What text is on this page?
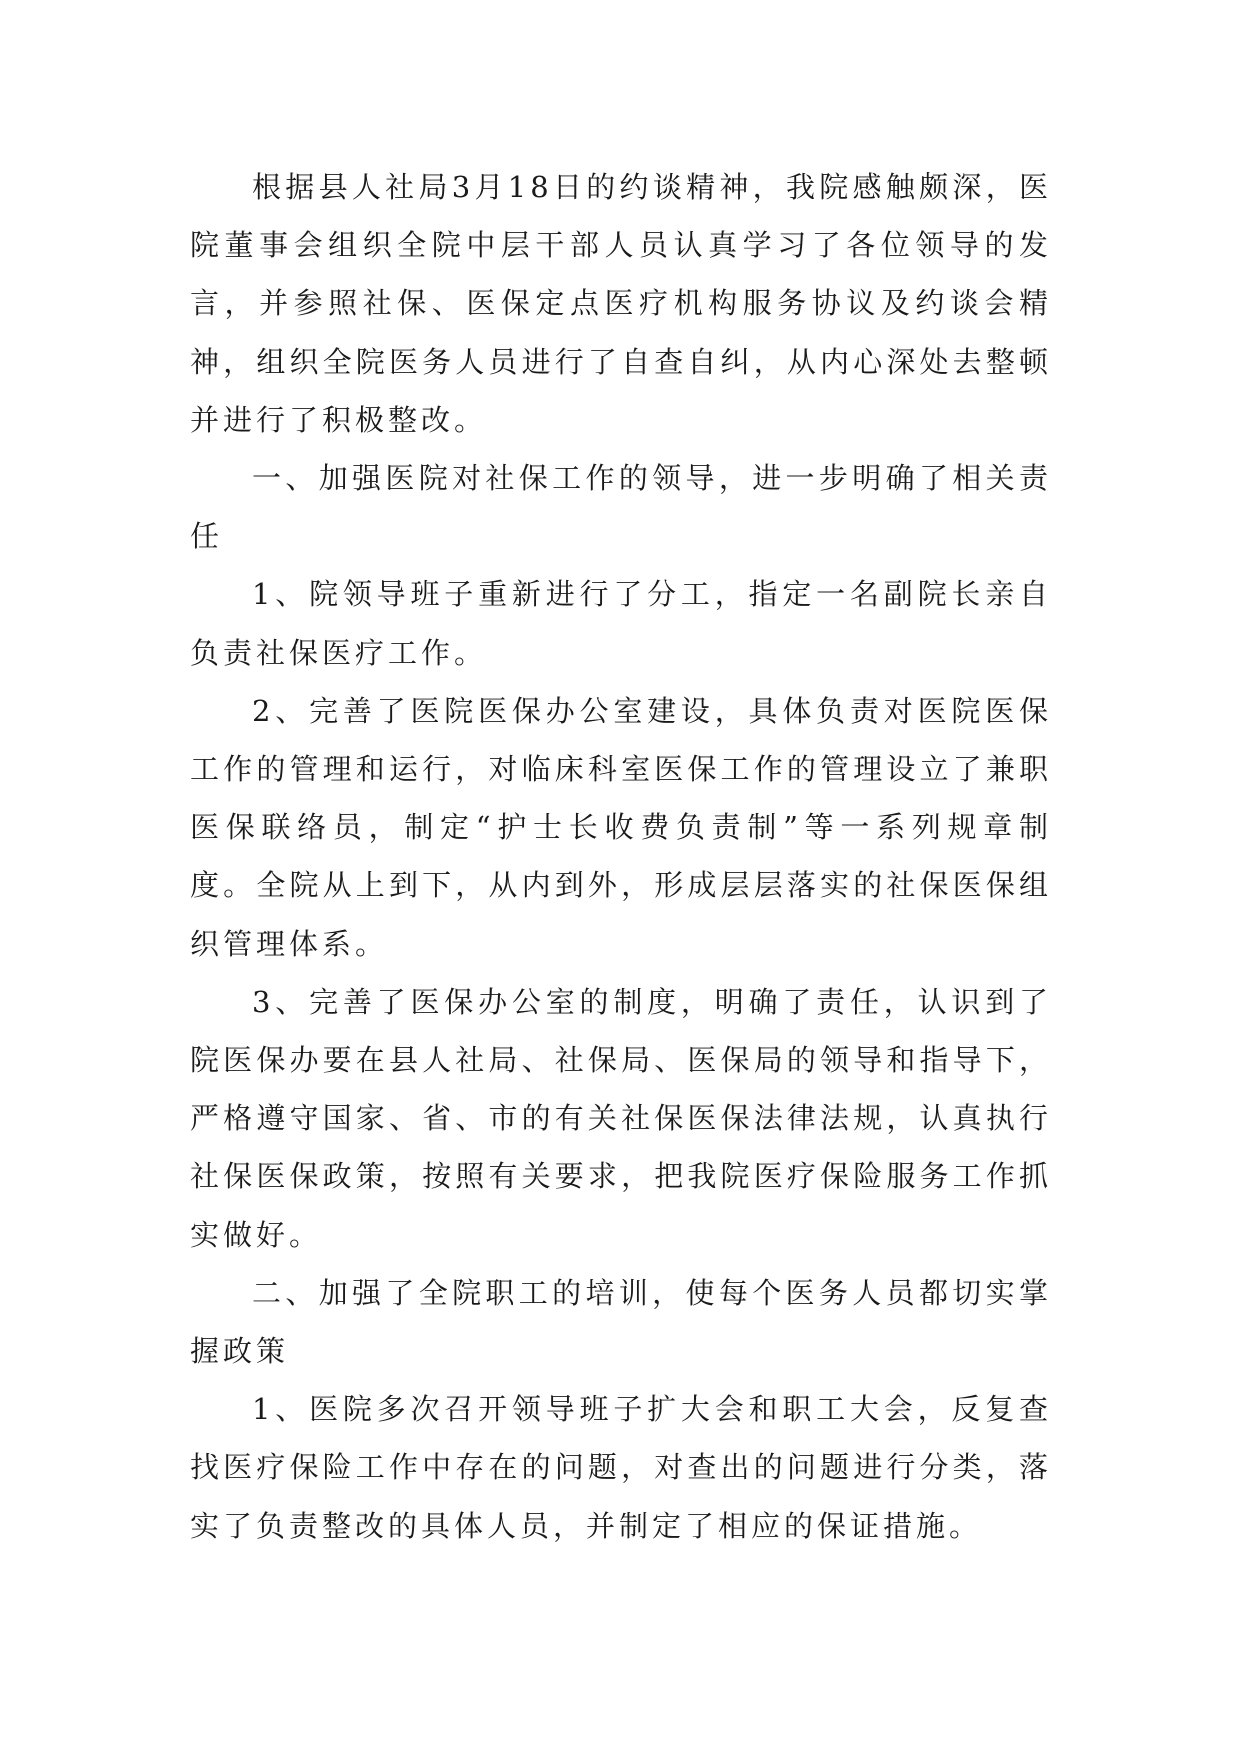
根据县人社局3月18日的约谈精神，我院感触颇深，医院董事会组织全院中层干部人员认真学习了各位领导的发言，并参照社保、医保定点医疗机构服务协议及约谈会精神，组织全院医务人员进行了自查自纠，从内心深处去整顿并进行了积极整改。

一、加强医院对社保工作的领导，进一步明确了相关责任

1、院领导班子重新进行了分工，指定一名副院长亲自负责社保医疗工作。

2、完善了医院医保办公室建设，具体负责对医院医保工作的管理和运行，对临床科室医保工作的管理设立了兼职医保联络员，制定“护士长收费负责制”等一系列规章制度。全院从上到下，从内到外，形成层层落实的社保医保组织管理体系。

3、完善了医保办公室的制度，明确了责任，认识到了院医保办要在县人社局、社保局、医保局的领导和指导下，严格遵守国家、省、市的有关社保医保法律法规，认真执行社保医保政策，按照有关要求，把我院医疗保险服务工作抓实做好。

二、加强了全院职工的培训，使每个医务人员都切实掌握政策

1、医院多次召开领导班子扩大会和职工大会，反复查找医疗保险工作中存在的问题，对查出的问题进行分类，落实了负责整改的具体人员，并制定了相应的保证措施。
